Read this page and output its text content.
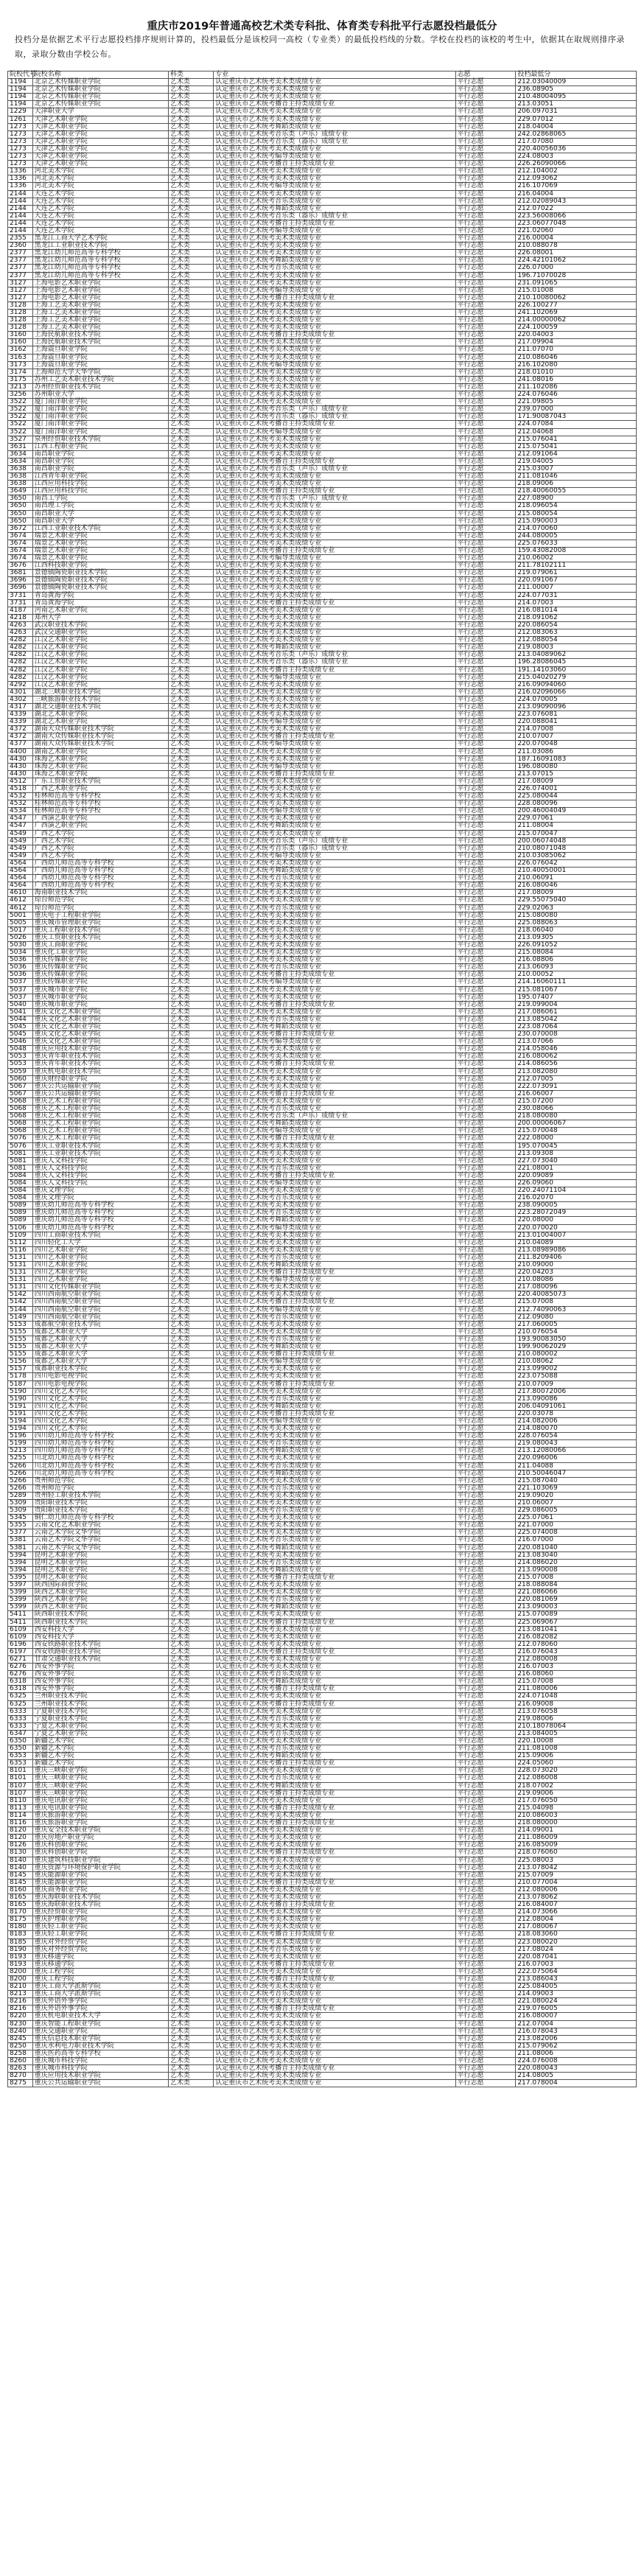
重庆市2019年普通高校艺术类专科批、体育类专科批平行志愿投档最低分
投档分是依据艺术平行志愿投档排序规则计算的，投档最低分是该校同一高校（专业类）的最低投档线的分数。学校在投档的该校的考生中，依据其在取规则排序录取，录取分数由学校公布。
院校代号	院校名称	科类	专业	志愿	投档最低分
1194	北京艺术传媒职业学院	艺术类	认定重庆市艺术统考美术类成绩专业	平行志愿	212.03040009
1194	北京艺术传媒职业学院	艺术类	认定重庆市艺术统考美术类成绩专业	平行志愿	236.08905
1194	北京艺术传媒职业学院	艺术类	认定重庆市艺术统考美术类成绩专业	平行志愿	210.48004095
1194	北京艺术传媒职业学院	艺术类	认定重庆市艺术统考播音主持类成绩专业	平行志愿	213.03051
1229	天津职业大学	艺术类	认定重庆市艺术统考美术类成绩专业	平行志愿	206.097031
1261	天津艺术职业学院	艺术类	认定重庆市艺术统考美术类成绩专业	平行志愿	229.07012
1273	天津艺术职业学院	艺术类	认定重庆市艺术统考舞蹈类成绩专业	平行志愿	218.04004
1273	天津艺术职业学院	艺术类	认定重庆市艺术统考音乐类（声乐）成绩专业	平行志愿	242.02868065
1273	天津艺术职业学院	艺术类	认定重庆市艺术统考音乐类（器乐）成绩专业	平行志愿	217.07080
1273	天津艺术职业学院	艺术类	认定重庆市艺术统考美术类成绩专业	平行志愿	220.40056036
1273	天津艺术职业学院	艺术类	认定重庆市艺术统考编导类成绩专业	平行志愿	224.08003
1273	天津艺术职业学院	艺术类	认定重庆市艺术统考播音主持类成绩专业	平行志愿	226.26090066
1336	河北美术学院	艺术类	认定重庆市艺术统考美术类成绩专业	平行志愿	212.104002
1336	河北美术学院	艺术类	认定重庆市艺术统考美术类成绩专业	平行志愿	212.093062
1336	河北美术学院	艺术类	认定重庆市艺术统考编导类成绩专业	平行志愿	216.107069
2144	大连艺术学院	艺术类	认定重庆市艺术统考美术类成绩专业	平行志愿	216.04004
2144	大连艺术学院	艺术类	认定重庆市艺术统考音乐类成绩专业	平行志愿	212.02089043
2144	大连艺术学院	艺术类	认定重庆市艺术统考舞蹈类成绩专业	平行志愿	212.07022
2144	大连艺术学院	艺术类	认定重庆市艺术统考音乐类（器乐）成绩专业	平行志愿	223.56008066
2144	大连艺术学院	艺术类	认定重庆市艺术统考播音主持类成绩专业	平行志愿	223.06077048
2144	大连艺术学院	艺术类	认定重庆市艺术统考编导类成绩专业	平行志愿	221.02060
2355	黑龙江工商大学艺术学院	艺术类	认定重庆市艺术统考美术类成绩专业	平行志愿	216.00004
2360	黑龙江工业职业技术学院	艺术类	认定重庆市艺术统考美术类成绩专业	平行志愿	210.088078
2377	黑龙江幼儿师范高等专科学校	艺术类	认定重庆市艺术统考美术类成绩专业	平行志愿	226.08001
2377	黑龙江幼儿师范高等专科学校	艺术类	认定重庆市艺术统考舞蹈类成绩专业	平行志愿	224.42101062
2377	黑龙江幼儿师范高等专科学校	艺术类	认定重庆市艺术统考音乐类成绩专业	平行志愿	226.07000
2377	黑龙江幼儿师范高等专科学校	艺术类	认定重庆市艺术统考美术类成绩专业	平行志愿	196.71070028
3127	上海电影艺术职业学院	艺术类	认定重庆市艺术统考美术类成绩专业	平行志愿	231.091065
3127	上海电影艺术职业学院	艺术类	认定重庆市艺术统考编导类成绩专业	平行志愿	215.01008
3127	上海电影艺术职业学院	艺术类	认定重庆市艺术统考播音主持类成绩专业	平行志愿	210.10080062
3128	上海工艺美术职业学院	艺术类	认定重庆市艺术统考美术类成绩专业	平行志愿	226.100277
3128	上海工艺美术职业学院	艺术类	认定重庆市艺术统考美术类成绩专业	平行志愿	241.102069
3128	上海工艺美术职业学院	艺术类	认定重庆市艺术统考美术类成绩专业	平行志愿	214.00000062
3128	上海工艺美术职业学院	艺术类	认定重庆市艺术统考美术类成绩专业	平行志愿	224.100059
3160	上海民航职业技术学院	艺术类	认定重庆市艺术统考播音主持类成绩专业	平行志愿	220.04003
3160	上海民航职业技术学院	艺术类	认定重庆市艺术统考美术类成绩专业	平行志愿	217.09904
3162	上海震旦职业学院	艺术类	认定重庆市艺术统考美术类成绩专业	平行志愿	211.07070
3163	上海震旦职业学院	艺术类	认定重庆市艺术统考美术类成绩专业	平行志愿	210.086046
3173	上海震旦职业学院	艺术类	认定重庆市艺术统考编导类成绩专业	平行志愿	216.102080
3174	上海师范大学天华学院	艺术类	认定重庆市艺术统考美术类成绩专业	平行志愿	218.01010
3175	苏州工艺美术职业技术学院	艺术类	认定重庆市艺术统考美术类成绩专业	平行志愿	241.08016
3213	苏州经贸职业技术学院	艺术类	认定重庆市艺术统考美术类成绩专业	平行志愿	211.102086
3256	苏州职业大学	艺术类	认定重庆市艺术统考美术类成绩专业	平行志愿	224.076046
3522	厦门南洋职业学院	艺术类	认定重庆市艺术统考美术类成绩专业	平行志愿	221.09805
3522	厦门南洋职业学院	艺术类	认定重庆市艺术统考音乐类（声乐）成绩专业	平行志愿	239.07000
3522	厦门南洋职业学院	艺术类	认定重庆市艺术统考音乐类（器乐）成绩专业	平行志愿	171.90087043
3522	厦门南洋职业学院	艺术类	认定重庆市艺术统考播音主持类成绩专业	平行志愿	224.07084
3522	厦门南洋职业学院	艺术类	认定重庆市艺术统考编导类成绩专业	平行志愿	212.04068
3527	泉州经贸职业技术学院	艺术类	认定重庆市艺术统考美术类成绩专业	平行志愿	215.076041
3631	江西工程职业学院	艺术类	认定重庆市艺术统考美术类成绩专业	平行志愿	215.075041
3634	南昌职业学院	艺术类	认定重庆市艺术统考美术类成绩专业	平行志愿	212.091064
3634	南昌职业学院	艺术类	认定重庆市艺术统考播音主持类成绩专业	平行志愿	219.04005
3638	南昌职业学院	艺术类	认定重庆市艺术统考音乐类（声乐）成绩专业	平行志愿	215.03007
3638	江西青年职业学院	艺术类	认定重庆市艺术统考美术类成绩专业	平行志愿	211.081046
3638	江西应用科技学院	艺术类	认定重庆市艺术统考美术类成绩专业	平行志愿	218.09006
3649	江西应用科技学院	艺术类	认定重庆市艺术统考播音主持类成绩专业	平行志愿	218.40060055
3650	南昌工学院	艺术类	认定重庆市艺术统考音乐类（声乐）成绩专业	平行志愿	227.08900
3650	南昌理工学院	艺术类	认定重庆市艺术统考美术类成绩专业	平行志愿	218.096054
3650	南昌职业大学	艺术类	认定重庆市艺术统考美术类成绩专业	平行志愿	215.080054
3650	南昌职业大学	艺术类	认定重庆市艺术统考美术类成绩专业	平行志愿	215.090003
3672	江西工业职业技术学院	艺术类	认定重庆市艺术统考美术类成绩专业	平行志愿	214.070060
3674	瑞景艺术职业学院	艺术类	认定重庆市艺术统考美术类成绩专业	平行志愿	244.080005
3674	瑞景艺术职业学院	艺术类	认定重庆市艺术统考美术类成绩专业	平行志愿	225.076033
3674	瑞景艺术职业学院	艺术类	认定重庆市艺术统考播音主持类成绩专业	平行志愿	159.43082008
3674	瑞景艺术职业学院	艺术类	认定重庆市艺术统考编导类成绩专业	平行志愿	210.06002
3676	江西科技职业学院	艺术类	认定重庆市艺术统考美术类成绩专业	平行志愿	211.78102111
3681	景德镇陶瓷职业技术学院	艺术类	认定重庆市艺术统考美术类成绩专业	平行志愿	219.079061
3696	景德镇陶瓷职业技术学院	艺术类	认定重庆市艺术统考美术类成绩专业	平行志愿	220.091067
3696	景德镇陶瓷职业技术学院	艺术类	认定重庆市艺术统考美术类成绩专业	平行志愿	211.00007
3731	青岛黄海学院	艺术类	认定重庆市艺术统考美术类成绩专业	平行志愿	224.077031
3731	青岛黄海学院	艺术类	认定重庆市艺术统考播音主持类成绩专业	平行志愿	214.07003
4187	河南艺术职业学院	艺术类	认定重庆市艺术统考美术类成绩专业	平行志愿	216.081014
4218	郑州大学	艺术类	认定重庆市艺术统考美术类成绩专业	平行志愿	218.091062
4263	武汉职业技术学院	艺术类	认定重庆市艺术统考美术类成绩专业	平行志愿	220.086054
4263	武汉交通职业学院	艺术类	认定重庆市艺术统考美术类成绩专业	平行志愿	212.083063
4282	江汉艺术职业学院	艺术类	认定重庆市艺术统考美术类成绩专业	平行志愿	212.088054
4282	江汉艺术职业学院	艺术类	认定重庆市艺术统考舞蹈类成绩专业	平行志愿	219.08003
4282	江汉艺术职业学院	艺术类	认定重庆市艺术统考音乐类（声乐）成绩专业	平行志愿	213.04089062
4282	江汉艺术职业学院	艺术类	认定重庆市艺术统考音乐类（器乐）成绩专业	平行志愿	196.28086045
4282	江汉艺术职业学院	艺术类	认定重庆市艺术统考播音主持类成绩专业	平行志愿	191.14103060
4282	江汉艺术职业学院	艺术类	认定重庆市艺术统考编导类成绩专业	平行志愿	215.04020279
4292	江汉艺术职业学院	艺术类	认定重庆市艺术统考美术类成绩专业	平行志愿	216.09094060
4301	湖北三峡职业技术学院	艺术类	认定重庆市艺术统考美术类成绩专业	平行志愿	216.02096066
4302	三峡旅游职业技术学院	艺术类	认定重庆市艺术统考美术类成绩专业	平行志愿	224.070005
4317	湖北交通职业技术学院	艺术类	认定重庆市艺术统考美术类成绩专业	平行志愿	213.09090096
4339	湖北艺术职业学院	艺术类	认定重庆市艺术统考美术类成绩专业	平行志愿	223.076081
4339	湖北艺术职业学院	艺术类	认定重庆市艺术统考编导类成绩专业	平行志愿	220.088041
4372	湖南大众传媒职业技术学院	艺术类	认定重庆市艺术统考美术类成绩专业	平行志愿	214.07008
4372	湖南大众传媒职业技术学院	艺术类	认定重庆市艺术统考播音主持类成绩专业	平行志愿	210.07007
4377	湖南大众传媒职业技术学院	艺术类	认定重庆市艺术统考编导类成绩专业	平行志愿	220.070048
4400	湖南艺术职业学院	艺术类	认定重庆市艺术统考美术类成绩专业	平行志愿	211.03086
4430	珠海艺术职业学院	艺术类	认定重庆市艺术统考美术类成绩专业	平行志愿	187.16091083
4430	珠海艺术职业学院	艺术类	认定重庆市艺术统考编导类成绩专业	平行志愿	196.080080
4430	珠海艺术职业学院	艺术类	认定重庆市艺术统考播音主持类成绩专业	平行志愿	213.07015
4512	广东工贸职业技术学院	艺术类	认定重庆市艺术统考美术类成绩专业	平行志愿	217.08009
4518	广西艺术职业学院	艺术类	认定重庆市艺术统考美术类成绩专业	平行志愿	226.074001
4532	桂林师范高等专科学校	艺术类	认定重庆市艺术统考美术类成绩专业	平行志愿	225.080044
4532	桂林师范高等专科学校	艺术类	认定重庆市艺术统考美术类成绩专业	平行志愿	228.080096
4534	桂林师范高等专科学校	艺术类	认定重庆市艺术统考编导类成绩专业	平行志愿	200.46004049
4547	广西演艺职业学院	艺术类	认定重庆市艺术统考美术类成绩专业	平行志愿	229.07061
4547	广西演艺职业学院	艺术类	认定重庆市艺术统考舞蹈类成绩专业	平行志愿	211.08004
4549	广西艺术学院	艺术类	认定重庆市艺术统考美术类成绩专业	平行志愿	215.070047
4549	广西艺术学院	艺术类	认定重庆市艺术统考音乐类（声乐）成绩专业	平行志愿	200.06074048
4549	广西艺术学院	艺术类	认定重庆市艺术统考音乐类（器乐）成绩专业	平行志愿	210.08071048
4549	广西艺术学院	艺术类	认定重庆市艺术统考编导类成绩专业	平行志愿	210.03085062
4564	广西幼儿师范高等专科学校	艺术类	认定重庆市艺术统考美术类成绩专业	平行志愿	226.076042
4564	广西幼儿师范高等专科学校	艺术类	认定重庆市艺术统考舞蹈类成绩专业	平行志愿	210.40050001
4564	广西幼儿师范高等专科学校	艺术类	认定重庆市艺术统考音乐类成绩专业	平行志愿	210.06091
4564	广西幼儿师范高等专科学校	艺术类	认定重庆市艺术统考美术类成绩专业	平行志愿	216.080046
4610	海南职业技术学院	艺术类	认定重庆市艺术统考美术类成绩专业	平行志愿	217.08009
4612	琼台师范学院	艺术类	认定重庆市艺术统考美术类成绩专业	平行志愿	229.55075040
4612	琼台师范学院	艺术类	认定重庆市艺术统考音乐类成绩专业	平行志愿	229.02063
5001	重庆电子工程职业学院	艺术类	认定重庆市艺术统考美术类成绩专业	平行志愿	215.080080
5005	重庆城市管理职业学院	艺术类	认定重庆市艺术统考美术类成绩专业	平行志愿	225.088063
5017	重庆工程职业技术学院	艺术类	认定重庆市艺术统考美术类成绩专业	平行志愿	218.06040
5026	重庆工贸职业技术学院	艺术类	认定重庆市艺术统考美术类成绩专业	平行志愿	213.09305
5030	重庆工商职业学院	艺术类	认定重庆市艺术统考美术类成绩专业	平行志愿	226.091052
5034	重庆化工职业学院	艺术类	认定重庆市艺术统考美术类成绩专业	平行志愿	215.08084
5036	重庆传媒职业学院	艺术类	认定重庆市艺术统考美术类成绩专业	平行志愿	216.08806
5036	重庆传媒职业学院	艺术类	认定重庆市艺术统考音乐类成绩专业	平行志愿	213.06093
5036	重庆传媒职业学院	艺术类	认定重庆市艺术统考播音主持类成绩专业	平行志愿	210.00052
5037	重庆传媒职业学院	艺术类	认定重庆市艺术统考编导类成绩专业	平行志愿	214.16060111
5037	重庆城市职业学院	艺术类	认定重庆市艺术统考美术类成绩专业	平行志愿	215.081067
5037	重庆城市职业学院	艺术类	认定重庆市艺术统考美术类成绩专业	平行志愿	195.07407
5040	重庆城市职业学院	艺术类	认定重庆市艺术统考播音主持类成绩专业	平行志愿	219.099004
5041	重庆文化艺术职业学院	艺术类	认定重庆市艺术统考美术类成绩专业	平行志愿	217.086061
5044	重庆文化艺术职业学院	艺术类	认定重庆市艺术统考音乐类成绩专业	平行志愿	213.085042
5045	重庆文化艺术职业学院	艺术类	认定重庆市艺术统考舞蹈类成绩专业	平行志愿	223.087064
5045	重庆文化艺术职业学院	艺术类	认定重庆市艺术统考播音主持类成绩专业	平行志愿	230.070008
5046	重庆文化艺术职业学院	艺术类	认定重庆市艺术统考编导类成绩专业	平行志愿	213.07066
5048	重庆应用技术职业学院	艺术类	认定重庆市艺术统考美术类成绩专业	平行志愿	214.058046
5053	重庆青年职业技术学院	艺术类	认定重庆市艺术统考美术类成绩专业	平行志愿	216.080062
5053	重庆青年职业技术学院	艺术类	认定重庆市艺术统考播音主持类成绩专业	平行志愿	214.086056
5059	重庆机电职业技术学院	艺术类	认定重庆市艺术统考美术类成绩专业	平行志愿	213.082080
5060	重庆财经职业学院	艺术类	认定重庆市艺术统考美术类成绩专业	平行志愿	212.07005
5067	重庆公共运输职业学院	艺术类	认定重庆市艺术统考美术类成绩专业	平行志愿	222.073091
5067	重庆公共运输职业学院	艺术类	认定重庆市艺术统考播音主持类成绩专业	平行志愿	216.06007
5068	重庆艺术工程职业学院	艺术类	认定重庆市艺术统考美术类成绩专业	平行志愿	215.07200
5068	重庆艺术工程职业学院	艺术类	认定重庆市艺术统考音乐类成绩专业	平行志愿	230.08066
5068	重庆艺术工程职业学院	艺术类	认定重庆市艺术统考音乐类（声乐）成绩专业	平行志愿	218.080080
5068	重庆艺术工程职业学院	艺术类	认定重庆市艺术统考舞蹈类成绩专业	平行志愿	200.00006067
5068	重庆艺术工程职业学院	艺术类	认定重庆市艺术统考编导类成绩专业	平行志愿	215.070048
5076	重庆艺术工程职业学院	艺术类	认定重庆市艺术统考播音主持类成绩专业	平行志愿	222.08000
5076	重庆工业职业技术学院	艺术类	认定重庆市艺术统考美术类成绩专业	平行志愿	195.070045
5081	重庆工业职业技术学院	艺术类	认定重庆市艺术统考美术类成绩专业	平行志愿	213.09308
5081	重庆人文科技学院	艺术类	认定重庆市艺术统考美术类成绩专业	平行志愿	227.073040
5081	重庆人文科技学院	艺术类	认定重庆市艺术统考音乐类成绩专业	平行志愿	221.08001
5084	重庆人文科技学院	艺术类	认定重庆市艺术统考播音主持类成绩专业	平行志愿	220.09089
5084	重庆人文科技学院	艺术类	认定重庆市艺术统考编导类成绩专业	平行志愿	226.09060
5084	重庆文理学院	艺术类	认定重庆市艺术统考美术类成绩专业	平行志愿	220.24071104
5084	重庆文理学院	艺术类	认定重庆市艺术统考音乐类成绩专业	平行志愿	216.02070
5089	重庆幼儿师范高等专科学校	艺术类	认定重庆市艺术统考美术类成绩专业	平行志愿	238.090005
5089	重庆幼儿师范高等专科学校	艺术类	认定重庆市艺术统考音乐类成绩专业	平行志愿	223.28072049
5089	重庆幼儿师范高等专科学校	艺术类	认定重庆市艺术统考舞蹈类成绩专业	平行志愿	220.08000
5106	重庆幼儿师范高等专科学校	艺术类	认定重庆市艺术统考编导类成绩专业	平行志愿	220.070020
5109	四川工商职业技术学院	艺术类	认定重庆市艺术统考美术类成绩专业	平行志愿	213.01004007
5112	四川轻化工大学	艺术类	认定重庆市艺术统考美术类成绩专业	平行志愿	210.04089
5116	四川艺术职业学院	艺术类	认定重庆市艺术统考美术类成绩专业	平行志愿	213.08989086
5131	四川艺术职业学院	艺术类	认定重庆市艺术统考音乐类成绩专业	平行志愿	211.8209406
5131	四川艺术职业学院	艺术类	认定重庆市艺术统考舞蹈类成绩专业	平行志愿	210.09000
5131	四川艺术职业学院	艺术类	认定重庆市艺术统考播音主持类成绩专业	平行志愿	220.04203
5131	四川艺术职业学院	艺术类	认定重庆市艺术统考编导类成绩专业	平行志愿	210.08086
5131	四川文化传媒职业学院	艺术类	认定重庆市艺术统考美术类成绩专业	平行志愿	217.080096
5142	四川西南航空职业学院	艺术类	认定重庆市艺术统考美术类成绩专业	平行志愿	220.40085073
5142	四川西南航空职业学院	艺术类	认定重庆市艺术统考播音主持类成绩专业	平行志愿	215.07008
5144	四川西南航空职业学院	艺术类	认定重庆市艺术统考编导类成绩专业	平行志愿	212.74090063
5149	四川西南航空职业学院	艺术类	认定重庆市艺术统考音乐类成绩专业	平行志愿	212.09080
5153	成都航空职业技术学院	艺术类	认定重庆市艺术统考美术类成绩专业	平行志愿	217.060005
5155	成都艺术职业大学	艺术类	认定重庆市艺术统考美术类成绩专业	平行志愿	210.076054
5155	成都艺术职业大学	艺术类	认定重庆市艺术统考音乐类成绩专业	平行志愿	193.90083050
5155	成都艺术职业大学	艺术类	认定重庆市艺术统考舞蹈类成绩专业	平行志愿	199.90062029
5155	成都艺术职业大学	艺术类	认定重庆市艺术统考播音主持类成绩专业	平行志愿	210.080002
5156	成都艺术职业大学	艺术类	认定重庆市艺术统考编导类成绩专业	平行志愿	210.08062
5157	成都职业技术学院	艺术类	认定重庆市艺术统考美术类成绩专业	平行志愿	213.099002
5178	四川电影电视学院	艺术类	认定重庆市艺术统考美术类成绩专业	平行志愿	223.075088
5187	四川电影电视学院	艺术类	认定重庆市艺术统考播音主持类成绩专业	平行志愿	210.07009
5190	四川文化艺术学院	艺术类	认定重庆市艺术统考美术类成绩专业	平行志愿	217.80072006
5190	四川文化艺术学院	艺术类	认定重庆市艺术统考音乐类成绩专业	平行志愿	213.090086
5191	四川文化艺术学院	艺术类	认定重庆市艺术统考舞蹈类成绩专业	平行志愿	206.04091061
5191	四川文化艺术学院	艺术类	认定重庆市艺术统考播音主持类成绩专业	平行志愿	220.03078
5194	四川文化艺术学院	艺术类	认定重庆市艺术统考编导类成绩专业	平行志愿	214.082006
5194	四川文化艺术学院	艺术类	认定重庆市艺术统考美术类成绩专业	平行志愿	214.080070
5196	四川幼儿师范高等专科学校	艺术类	认定重庆市艺术统考美术类成绩专业	平行志愿	228.076054
5199	四川幼儿师范高等专科学校	艺术类	认定重庆市艺术统考音乐类成绩专业	平行志愿	219.080043
5213	四川幼儿师范高等专科学校	艺术类	认定重庆市艺术统考舞蹈类成绩专业	平行志愿	213.12080066
5255	川北幼儿师范高等专科学校	艺术类	认定重庆市艺术统考美术类成绩专业	平行志愿	220.096006
5266	川北幼儿师范高等专科学校	艺术类	认定重庆市艺术统考音乐类成绩专业	平行志愿	211.04088
5266	川北幼儿师范高等专科学校	艺术类	认定重庆市艺术统考舞蹈类成绩专业	平行志愿	210.50046047
5266	贵州师范学院	艺术类	认定重庆市艺术统考美术类成绩专业	平行志愿	215.087040
5266	贵州师范学院	艺术类	认定重庆市艺术统考音乐类成绩专业	平行志愿	221.103069
5289	贵州轻工职业技术学院	艺术类	认定重庆市艺术统考美术类成绩专业	平行志愿	219.09020
5309	贵阳职业技术学院	艺术类	认定重庆市艺术统考美术类成绩专业	平行志愿	210.06007
5309	贵阳职业技术学院	艺术类	认定重庆市艺术统考音乐类成绩专业	平行志愿	229.086005
5345	铜仁幼儿师范高等专科学校	艺术类	认定重庆市艺术统考美术类成绩专业	平行志愿	225.07061
5355	云南文化艺术职业学院	艺术类	认定重庆市艺术统考美术类成绩专业	平行志愿	221.07000
5377	云南艺术学院文华学院	艺术类	认定重庆市艺术统考美术类成绩专业	平行志愿	225.074008
5381	云南艺术学院文华学院	艺术类	认定重庆市艺术统考音乐类成绩专业	平行志愿	216.07000
5381	云南艺术学院文华学院	艺术类	认定重庆市艺术统考舞蹈类成绩专业	平行志愿	220.081040
5394	昆明艺术职业学院	艺术类	认定重庆市艺术统考美术类成绩专业	平行志愿	213.083040
5394	昆明艺术职业学院	艺术类	认定重庆市艺术统考音乐类成绩专业	平行志愿	214.086020
5394	昆明艺术职业学院	艺术类	认定重庆市艺术统考舞蹈类成绩专业	平行志愿	213.090008
5395	昆明艺术职业学院	艺术类	认定重庆市艺术统考播音主持类成绩专业	平行志愿	215.07008
5397	陕西国际商贸学院	艺术类	认定重庆市艺术统考美术类成绩专业	平行志愿	218.088084
5399	陕西艺术职业学院	艺术类	认定重庆市艺术统考美术类成绩专业	平行志愿	221.086066
5399	陕西艺术职业学院	艺术类	认定重庆市艺术统考音乐类成绩专业	平行志愿	220.081069
5399	陕西艺术职业学院	艺术类	认定重庆市艺术统考舞蹈类成绩专业	平行志愿	213.090003
5411	陕西职业技术学院	艺术类	认定重庆市艺术统考美术类成绩专业	平行志愿	215.070089
5411	陕西职业技术学院	艺术类	认定重庆市艺术统考播音主持类成绩专业	平行志愿	225.069067
6109	西安科技大学	艺术类	认定重庆市艺术统考美术类成绩专业	平行志愿	213.081041
6109	西安科技大学	艺术类	认定重庆市艺术统考美术类成绩专业	平行志愿	216.082082
6196	西安铁路职业技术学院	艺术类	认定重庆市艺术统考美术类成绩专业	平行志愿	212.078060
6197	西安铁路职业技术学院	艺术类	认定重庆市艺术统考播音主持类成绩专业	平行志愿	216.076043
6271	甘肃交通职业技术学院	艺术类	认定重庆市艺术统考美术类成绩专业	平行志愿	212.080008
6276	西安外事学院	艺术类	认定重庆市艺术统考美术类成绩专业	平行志愿	216.07003
6276	西安外事学院	艺术类	认定重庆市艺术统考音乐类成绩专业	平行志愿	216.08060
6318	西安外事学院	艺术类	认定重庆市艺术统考舞蹈类成绩专业	平行志愿	215.07008
6318	西安外事学院	艺术类	认定重庆市艺术统考播音主持类成绩专业	平行志愿	211.080006
6325	兰州职业技术学院	艺术类	认定重庆市艺术统考美术类成绩专业	平行志愿	224.071048
6325	兰州职业技术学院	艺术类	认定重庆市艺术统考播音主持类成绩专业	平行志愿	216.09008
6333	宁夏职业技术学院	艺术类	认定重庆市艺术统考美术类成绩专业	平行志愿	213.076058
6333	宁夏职业技术学院	艺术类	认定重庆市艺术统考音乐类成绩专业	平行志愿	219.08006
6333	宁夏艺术职业学院	艺术类	认定重庆市艺术统考美术类成绩专业	平行志愿	210.18078064
6347	宁夏艺术职业学院	艺术类	认定重庆市艺术统考音乐类成绩专业	平行志愿	213.084005
6350	新疆艺术学院	艺术类	认定重庆市艺术统考美术类成绩专业	平行志愿	220.10008
6350	新疆艺术学院	艺术类	认定重庆市艺术统考音乐类成绩专业	平行志愿	211.081008
6353	新疆艺术学院	艺术类	认定重庆市艺术统考舞蹈类成绩专业	平行志愿	215.09006
6353	新疆艺术学院	艺术类	认定重庆市艺术统考播音主持类成绩专业	平行志愿	224.05060
8101	重庆三峡职业学院	艺术类	认定重庆市艺术统考美术类成绩专业	平行志愿	228.073020
8101	重庆三峡职业学院	艺术类	认定重庆市艺术统考音乐类成绩专业	平行志愿	212.086008
8107	重庆三峡职业学院	艺术类	认定重庆市艺术统考舞蹈类成绩专业	平行志愿	218.07002
8107	重庆三峡职业学院	艺术类	认定重庆市艺术统考播音主持类成绩专业	平行志愿	219.09006
8110	重庆电讯职业学院	艺术类	认定重庆市艺术统考美术类成绩专业	平行志愿	217.076050
8113	重庆电讯职业学院	艺术类	认定重庆市艺术统考播音主持类成绩专业	平行志愿	215.04098
8114	重庆旅游职业学院	艺术类	认定重庆市艺术统考美术类成绩专业	平行志愿	210.086003
8116	重庆旅游职业学院	艺术类	认定重庆市艺术统考播音主持类成绩专业	平行志愿	218.080000
8120	重庆安全技术职业学院	艺术类	认定重庆市艺术统考美术类成绩专业	平行志愿	214.09001
8120	重庆房地产职业学院	艺术类	认定重庆市艺术统考美术类成绩专业	平行志愿	211.086009
8126	重庆科创职业学院	艺术类	认定重庆市艺术统考美术类成绩专业	平行志愿	216.085009
8130	重庆科创职业学院	艺术类	认定重庆市艺术统考播音主持类成绩专业	平行志愿	218.076060
8140	重庆建筑科技职业学院	艺术类	认定重庆市艺术统考美术类成绩专业	平行志愿	225.08003
8140	重庆资源与环境保护职业学院	艺术类	认定重庆市艺术统考美术类成绩专业	平行志愿	213.078042
8145	重庆能源职业学院	艺术类	认定重庆市艺术统考美术类成绩专业	平行志愿	215.07009
8145	重庆能源职业学院	艺术类	认定重庆市艺术统考播音主持类成绩专业	平行志愿	210.077004
8160	重庆商务职业学院	艺术类	认定重庆市艺术统考美术类成绩专业	平行志愿	212.080006
8165	重庆海联职业技术学院	艺术类	认定重庆市艺术统考美术类成绩专业	平行志愿	213.078062
8165	重庆海联职业技术学院	艺术类	认定重庆市艺术统考播音主持类成绩专业	平行志愿	216.084007
8170	重庆经贸职业学院	艺术类	认定重庆市艺术统考美术类成绩专业	平行志愿	214.073066
8175	重庆护理职业学院	艺术类	认定重庆市艺术统考美术类成绩专业	平行志愿	212.08004
8180	重庆轻工职业学院	艺术类	认定重庆市艺术统考美术类成绩专业	平行志愿	217.080067
8183	重庆轻工职业学院	艺术类	认定重庆市艺术统考播音主持类成绩专业	平行志愿	218.083060
8185	重庆对外经贸学院	艺术类	认定重庆市艺术统考美术类成绩专业	平行志愿	223.080020
8190	重庆对外经贸学院	艺术类	认定重庆市艺术统考音乐类成绩专业	平行志愿	217.08024
8193	重庆移通学院	艺术类	认定重庆市艺术统考美术类成绩专业	平行志愿	220.087041
8193	重庆移通学院	艺术类	认定重庆市艺术统考播音主持类成绩专业	平行志愿	216.07003
8200	重庆工程学院	艺术类	认定重庆市艺术统考美术类成绩专业	平行志愿	222.075064
8200	重庆工程学院	艺术类	认定重庆市艺术统考播音主持类成绩专业	平行志愿	213.086043
8210	重庆工商大学派斯学院	艺术类	认定重庆市艺术统考美术类成绩专业	平行志愿	225.084005
8213	重庆工商大学派斯学院	艺术类	认定重庆市艺术统考音乐类成绩专业	平行志愿	214.09003
8216	重庆外语外事学院	艺术类	认定重庆市艺术统考美术类成绩专业	平行志愿	221.080024
8216	重庆外语外事学院	艺术类	认定重庆市艺术统考播音主持类成绩专业	平行志愿	219.076005
8220	重庆机电职业技术大学	艺术类	认定重庆市艺术统考美术类成绩专业	平行志愿	216.080007
8230	重庆智能工程职业学院	艺术类	认定重庆市艺术统考美术类成绩专业	平行志愿	212.07004
8240	重庆交通职业学院	艺术类	认定重庆市艺术统考美术类成绩专业	平行志愿	216.078043
8245	重庆信息技术职业学院	艺术类	认定重庆市艺术统考美术类成绩专业	平行志愿	213.082006
8250	重庆水利电力职业技术学院	艺术类	认定重庆市艺术统考美术类成绩专业	平行志愿	215.079062
8258	重庆医药高等专科学校	艺术类	认定重庆市艺术统考美术类成绩专业	平行志愿	211.08006
8260	重庆城市科技学院	艺术类	认定重庆市艺术统考美术类成绩专业	平行志愿	224.076008
8263	重庆城市科技学院	艺术类	认定重庆市艺术统考播音主持类成绩专业	平行志愿	220.080043
8270	重庆应用技术职业学院	艺术类	认定重庆市艺术统考美术类成绩专业	平行志愿	214.08005
8275	重庆公共运输职业学院	艺术类	认定重庆市艺术统考美术类成绩专业	平行志愿	217.078004
